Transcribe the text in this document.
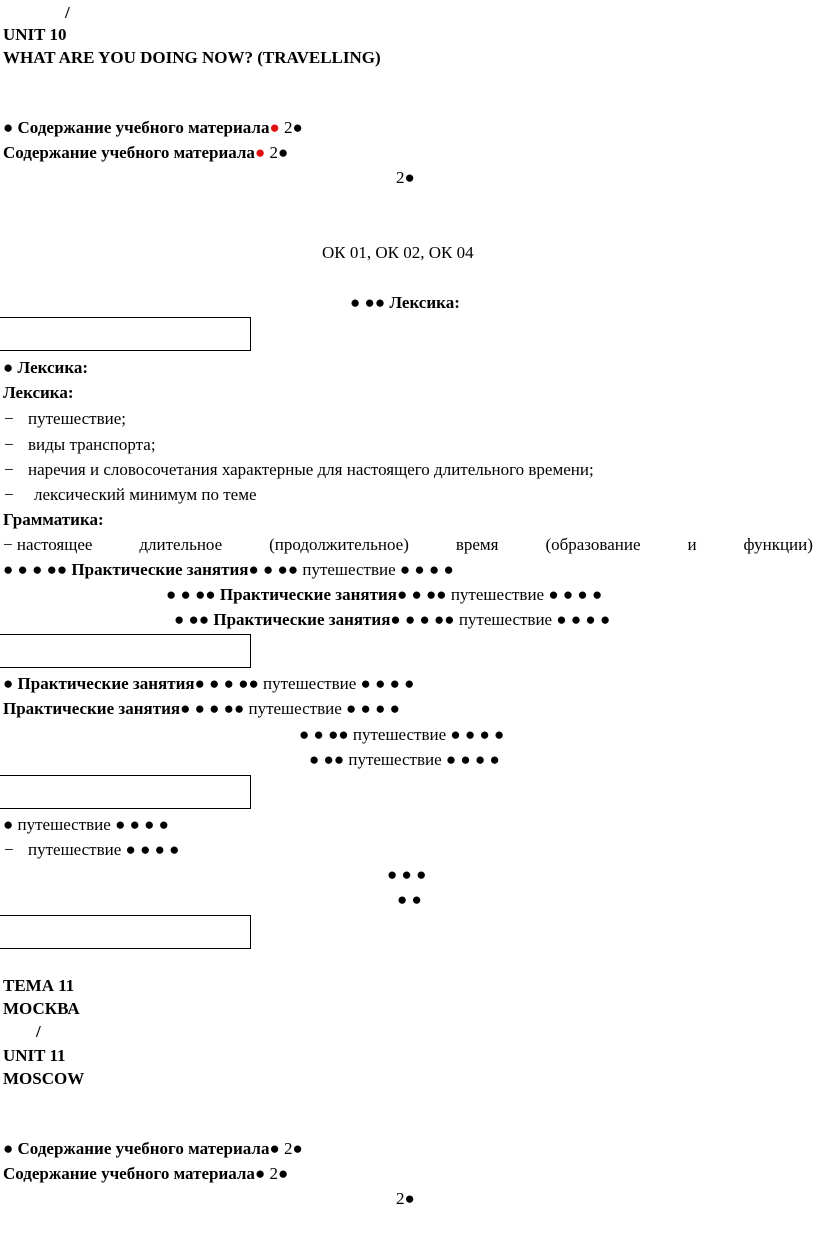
/
UNIT 10
WHAT ARE YOU DOING NOW? (TRAVELLING)
● Содержание учебного материала● 2●
Содержание учебного материала● 2●
2●
ОК 01, ОК 02, ОК 04
● ●● Лексика:
● Лексика:
Лексика:
− путешествие;
− виды транспорта;
− наречия и словосочетания характерные для настоящего длительного времени;
− лексический минимум по теме
Грамматика:
− настоящее	длительное	(продолжительное)	время	(образование	и	функции)
● ● ● ●● Практические занятия● ● ●● путешествие ● ● ● ●
● ● ●● Практические занятия● ● ●● путешествие ● ● ● ●
● ●● Практические занятия● ● ● ●● путешествие ● ● ● ●
● Практические занятия● ● ● ●● путешествие ● ● ● ●
Практические занятия● ● ● ●● путешествие ● ● ● ●
● ● ●● путешествие ● ● ● ●
● ●● путешествие ● ● ● ●
● путешествие ● ● ● ●
− путешествие ● ● ● ●
● ● ●
● ●
ТЕМА 11
МОСКВА
/
UNIT 11
MOSCOW
● Содержание учебного материала● 2●
Содержание учебного материала● 2●
2●
